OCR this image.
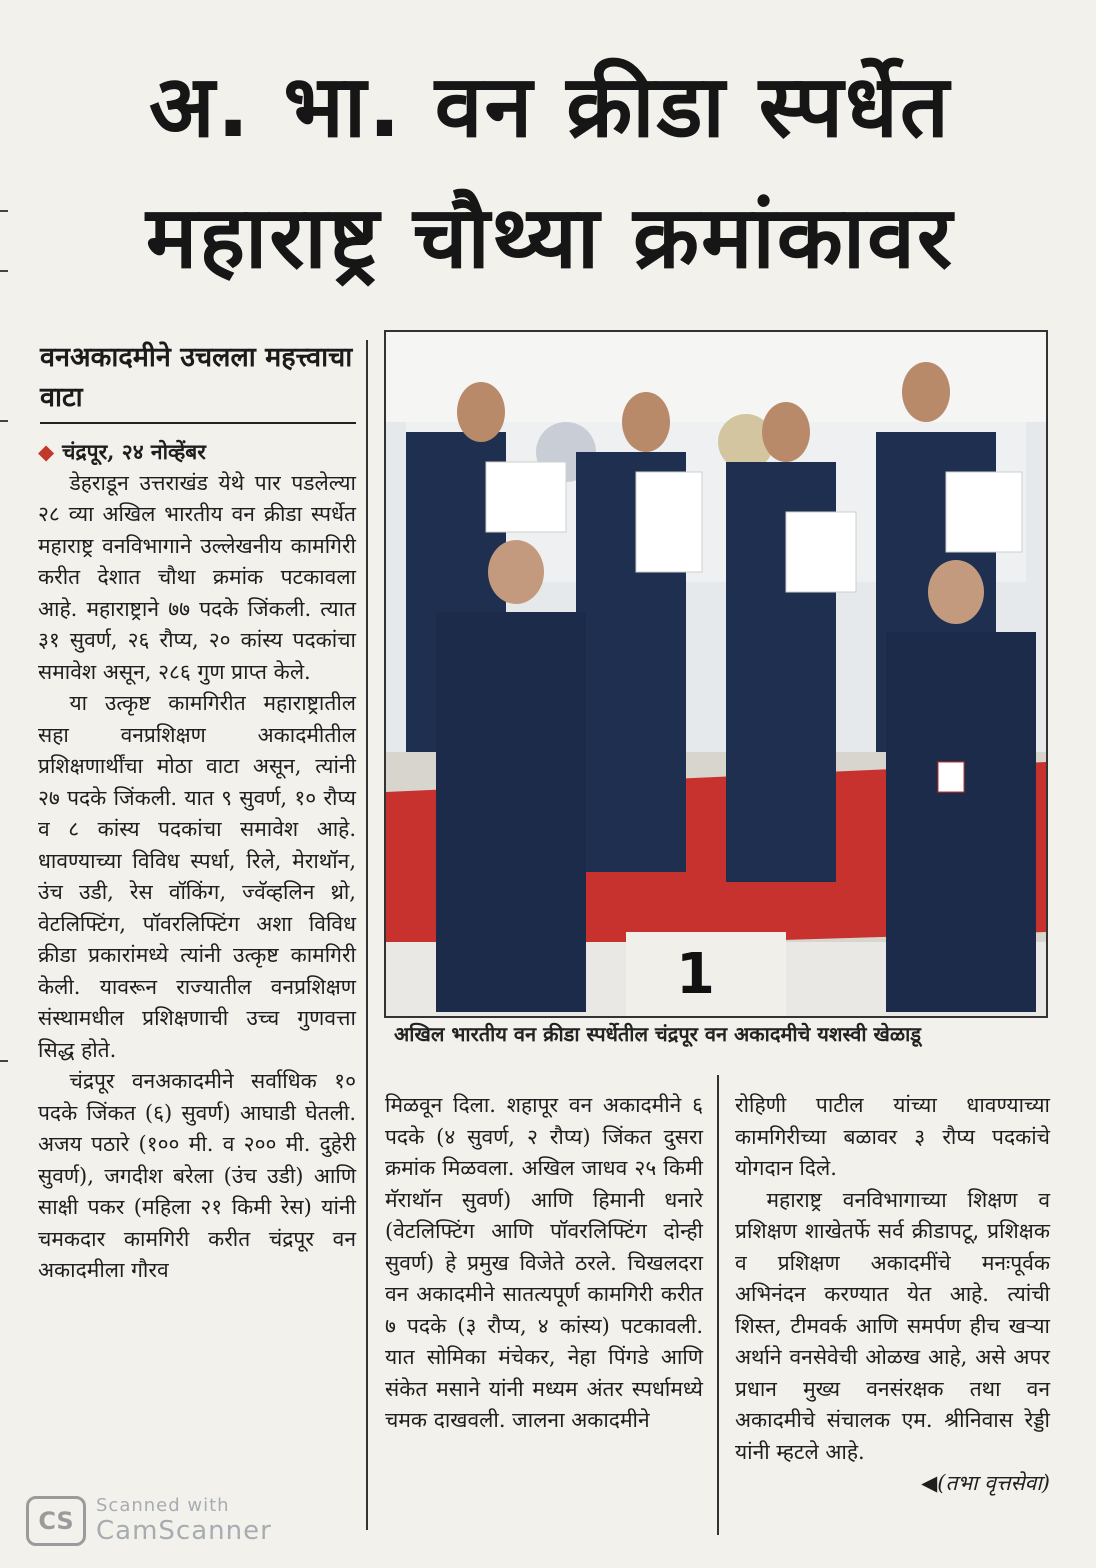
अ. भा. वन क्रीडा स्पर्धेत
महाराष्ट्र चौथ्या क्रमांकावर
वनअकादमीने उचलला महत्त्वाचा वाटा

◆ चंद्रपूर, २४ नोव्हेंबर

डेहराडून उत्तराखंड येथे पार पडलेल्या २८ व्या अखिल भारतीय वन क्रीडा स्पर्धेत महाराष्ट्र वनविभागाने उल्लेखनीय कामगिरी करीत देशात चौथा क्रमांक पटकावला आहे. महाराष्ट्राने ७७ पदके जिंकली. त्यात ३१ सुवर्ण, २६ रौप्य, २० कांस्य पदकांचा समावेश असून, २८६ गुण प्राप्त केले.

या उत्कृष्ट कामगिरीत महाराष्ट्रातील सहा वनप्रशिक्षण अकादमीतील प्रशिक्षणार्थींचा मोठा वाटा असून, त्यांनी २७ पदके जिंकली. यात ९ सुवर्ण, १० रौप्य व ८ कांस्य पदकांचा समावेश आहे. धावण्याच्या विविध स्पर्धा, रिले, मेराथॉन, उंच उडी, रेस वॉकिंग, ज्वॅव्हलिन थ्रो, वेटलिफ्टिंग, पॉवरलिफ्टिंग अशा विविध क्रीडा प्रकारांमध्ये त्यांनी उत्कृष्ट कामगिरी केली. यावरून राज्यातील वनप्रशिक्षण संस्थामधील प्रशिक्षणाची उच्च गुणवत्ता सिद्ध होते.

चंद्रपूर वनअकादमीने सर्वाधिक १० पदके जिंकत (६) सुवर्ण) आघाडी घेतली. अजय पठारे (१०० मी. व २०० मी. दुहेरी सुवर्ण), जगदीश बरेला (उंच उडी) आणि साक्षी पकर (महिला २१ किमी रेस) यांनी चमकदार कामगिरी करीत चंद्रपूर वन अकादमीला गौरव

1
अखिल भारतीय वन क्रीडा स्पर्धेतील चंद्रपूर वन अकादमीचे यशस्वी खेळाडू

मिळवून दिला. शहापूर वन अकादमीने ६ पदके (४ सुवर्ण, २ रौप्य) जिंकत दुसरा क्रमांक मिळवला. अखिल जाधव २५ किमी मॅराथॉन सुवर्ण) आणि हिमानी धनारे (वेटलिफ्टिंग आणि पॉवरलिफ्टिंग दोन्ही सुवर्ण) हे प्रमुख विजेते ठरले. चिखलदरा वन अकादमीने सातत्यपूर्ण कामगिरी करीत ७ पदके (३ रौप्य, ४ कांस्य) पटकावली. यात सोमिका मंचेकर, नेहा पिंगडे आणि संकेत मसाने यांनी मध्यम अंतर स्पर्धामध्ये चमक दाखवली. जालना अकादमीने

रोहिणी पाटील यांच्या धावण्याच्या कामगिरीच्या बळावर ३ रौप्य पदकांचे योगदान दिले.

महाराष्ट्र वनविभागाच्या शिक्षण व प्रशिक्षण शाखेतर्फे सर्व क्रीडापटू, प्रशिक्षक व प्रशिक्षण अकादमींचे मनःपूर्वक अभिनंदन करण्यात येत आहे. त्यांची शिस्त, टीमवर्क आणि समर्पण हीच खऱ्या अर्थाने वनसेवेची ओळख आहे, असे अपर प्रधान मुख्य वनसंरक्षक तथा वन अकादमीचे संचालक एम. श्रीनिवास रेड्डी यांनी म्हटले आहे.

◀(तभा वृत्तसेवा)

CS
Scanned with
CamScanner
